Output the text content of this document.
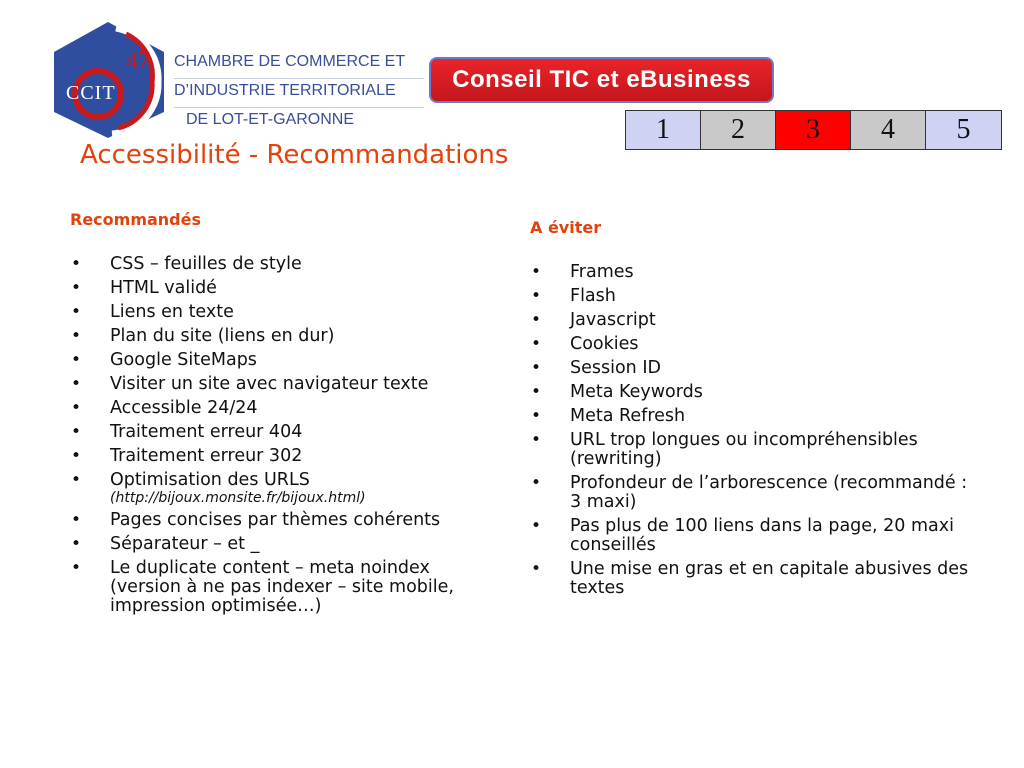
47
CCIT
CHAMBRE DE COMMERCE ET
D’INDUSTRIE TERRITORIALE
DE LOT-ET-GARONNE
Conseil TIC et eBusiness
1	2	3	4	5
Accessibilité - Recommandations
Recommandés
• CSS – feuilles de style
• HTML validé
• Liens en texte
• Plan du site (liens en dur)
• Google SiteMaps
• Visiter un site avec navigateur texte
• Accessible 24/24
• Traitement erreur 404
• Traitement erreur 302
• Optimisation des URLS
(http://bijoux.monsite.fr/bijoux.html)
• Pages concises par thèmes cohérents
• Séparateur – et _
• Le duplicate content – meta noindex (version à ne pas indexer – site mobile, impression optimisée…)
A éviter
• Frames
• Flash
• Javascript
• Cookies
• Session ID
• Meta Keywords
• Meta Refresh
• URL trop longues ou incompréhensibles (rewriting)
• Profondeur de l’arborescence (recommandé : 3 maxi)
• Pas plus de 100 liens dans la page, 20 maxi conseillés
• Une mise en gras et en capitale abusives des textes
